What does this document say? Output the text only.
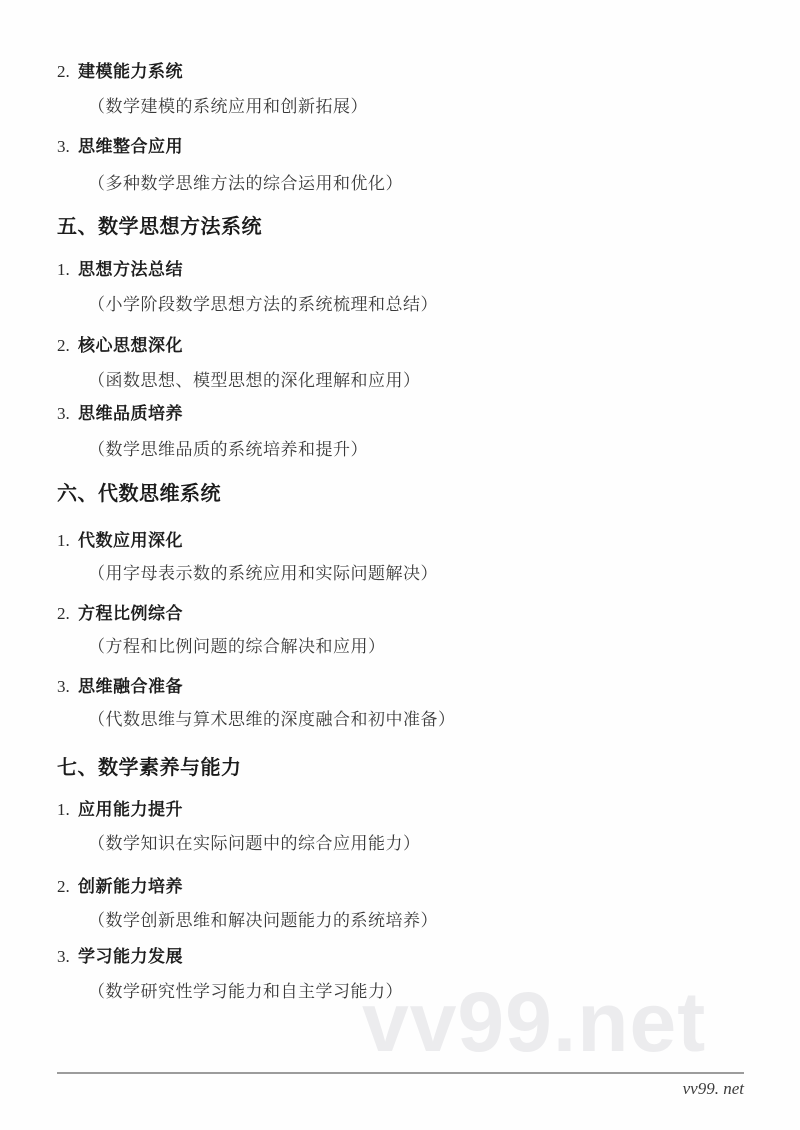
2. 建模能力系统
（数学建模的系统应用和创新拓展）
3. 思维整合应用
（多种数学思维方法的综合运用和优化）
五、数学思想方法系统
1. 思想方法总结
（小学阶段数学思想方法的系统梳理和总结）
2. 核心思想深化
（函数思想、模型思想的深化理解和应用）
3. 思维品质培养
（数学思维品质的系统培养和提升）
六、代数思维系统
1. 代数应用深化
（用字母表示数的系统应用和实际问题解决）
2. 方程比例综合
（方程和比例问题的综合解决和应用）
3. 思维融合准备
（代数思维与算术思维的深度融合和初中准备）
七、数学素养与能力
1. 应用能力提升
（数学知识在实际问题中的综合应用能力）
2. 创新能力培养
（数学创新思维和解决问题能力的系统培养）
3. 学习能力发展
（数学研究性学习能力和自主学习能力）
vv99.net
vv99. net
